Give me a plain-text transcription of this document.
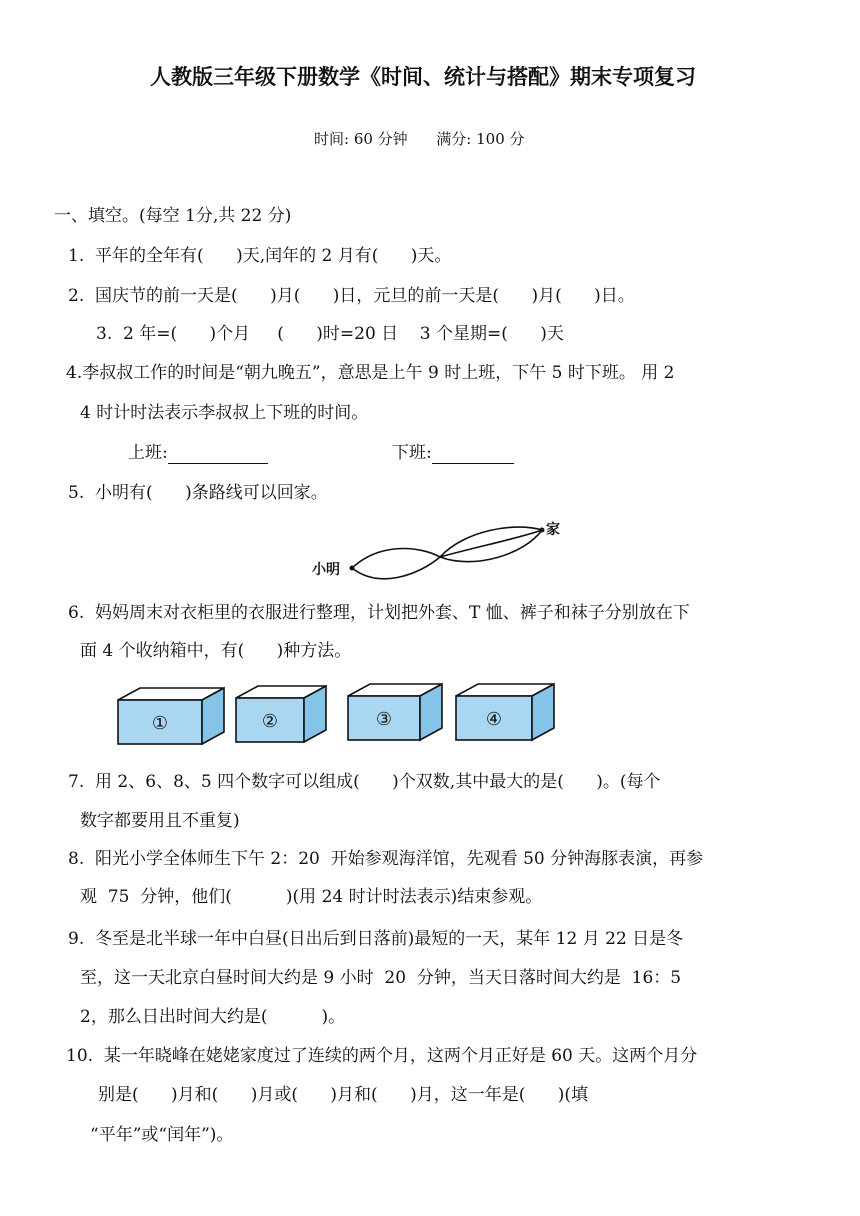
人教版三年级下册数学《时间、统计与搭配》期末专项复习
时间: 60 分钟      满分: 100 分
一、填空。(每空 1分,共 22 分)
1.  平年的全年有(      )天,闰年的 2 月有(      )天。
2.  国庆节的前一天是(      )月(      )日，元旦的前一天是(      )月(      )日。
3.  2 年=(      )个月     (      )时=20 日    3 个星期=(      )天
4.李叔叔工作的时间是“朝九晚五”，意思是上午 9 时上班，下午 5 时下班。 用 2
4 时计时法表示李叔叔上下班的时间。
上班:	下班:
5.  小明有(      )条路线可以回家。
小明
家
6.  妈妈周末对衣柜里的衣服进行整理，计划把外套、T 恤、裤子和袜子分别放在下
面 4 个收纳箱中，有(      )种方法。
①	②	③	④
7.  用 2、6、8、5 四个数字可以组成(      )个双数,其中最大的是(      )。(每个
数字都要用且不重复)
8.  阳光小学全体师生下午 2：20  开始参观海洋馆，先观看 50 分钟海豚表演，再参
观  75  分钟，他们(          )(用 24 时计时法表示)结束参观。
9.  冬至是北半球一年中白昼(日出后到日落前)最短的一天，某年 12 月 22 日是冬
至，这一天北京白昼时间大约是 9 小时  20  分钟，当天日落时间大约是  16：5
2，那么日出时间大约是(          )。
10.  某一年晓峰在姥姥家度过了连续的两个月，这两个月正好是 60 天。这两个月分
别是(      )月和(      )月或(      )月和(      )月，这一年是(      )(填
“平年”或“闰年”)。
